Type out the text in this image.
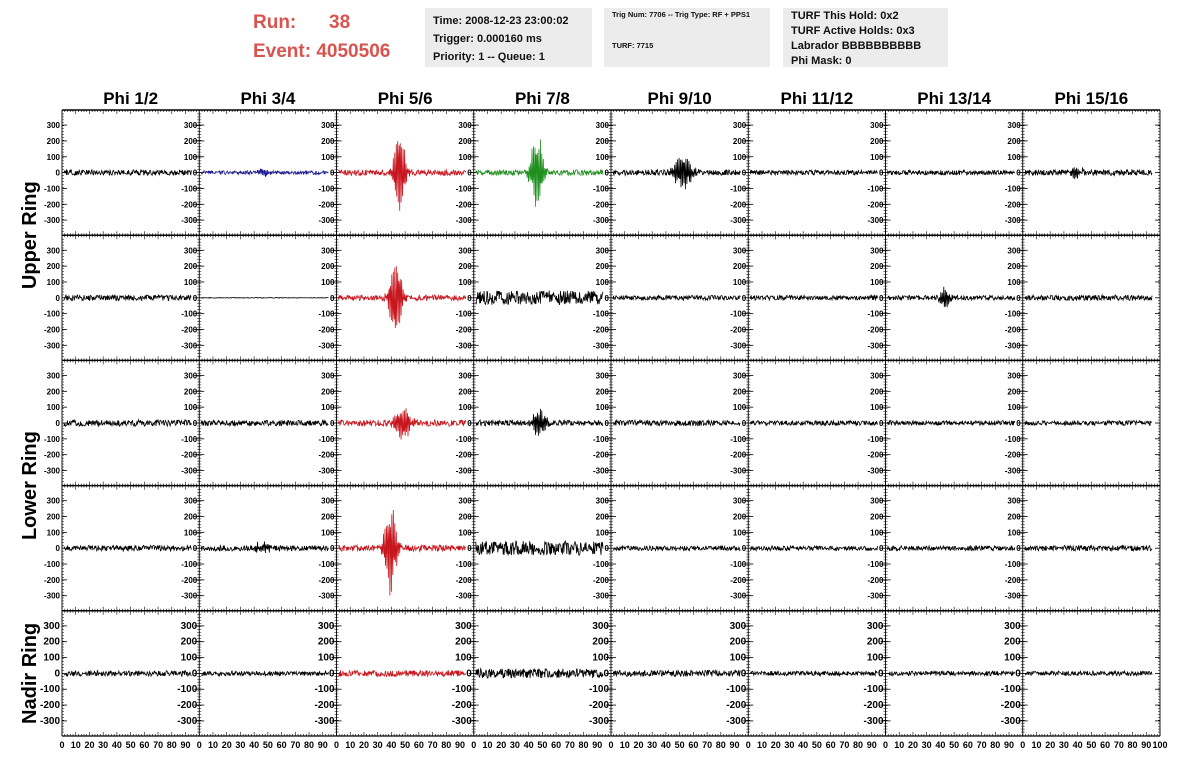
Run: 38
Event: 4050506
Time: 2008-12-23 23:00:02
Trigger: 0.000160 ms
Priority: 1 -- Queue: 1
Trig Num: 7706 -- Trig Type: RF + PPS1
TURF: 7715
TURF This Hold: 0x2
TURF Active Holds: 0x3
Labrador BBBBBBBBBB
Phi Mask: 0
Phi 1/2	Phi 3/4	Phi 5/6	Phi 7/8	Phi 9/10	Phi 11/12	Phi 13/14	Phi 15/16
Upper Ring
Lower Ring
Nadir Ring
300
200
100
0
-100
-200
-300
300
200
100
0
-100
-200
-300
300
200
100
0
-100
-200
-300
300
200
100
0
-100
-200
-300
300
200
100
0
-100
-200
-300
300
200
100
0
-100
-200
-300
300
200
100
0
-100
-200
-300
300
200
100
0
-100
-200
-300
300
200
100
0
-100
-200
-300
300
200
100
0
-100
-200
-300
300
200
100
0
-100
-200
-300
300
200
100
0
-100
-200
-300
300
200
100
0
-100
-200
-300
300
200
100
0
-100
-200
-300
300
200
100
0
-100
-200
-300
300
200
100
0
-100
-200
-300
300
200
100
0
-100
-200
-300
300
200
100
0
-100
-200
-300
300
200
100
0
-100
-200
-300
300
200
100
0
-100
-200
-300
300
200
100
0
-100
-200
-300
300
200
100
0
-100
-200
-300
300
200
100
0
-100
-200
-300
300
200
100
0
-100
-200
-300
300
200
100
0
-100
-200
-300
300
200
100
0
-100
-200
-300
300
200
100
0
-100
-200
-300
300
200
100
0
-100
-200
-300
300
200
100
0
-100
-200
-300
300
200
100
0
-100
-200
-300
300
200
100
0
-100
-200
-300
300
200
100
0
-100
-200
-300
300
200
100
0
-100
-200
-300
300
200
100
0
-100
-200
-300
300
200
100
0
-100
-200
-300
300
200
100
0
-100
-200
-300
300
200
100
0
-100
-200
-300
300
200
100
0
-100
-200
-300
300
200
100
0
-100
-200
-300
300
200
100
0
-100
-200
-300
0 10 20 30 40 50 60 70 80 90 0 10 20 30 40 50 60 70 80 90 0 10 20 30 40 50 60 70 80 90 0 10 20 30 40 50 60 70 80 90 0 10 20 30 40 50 60 70 80 90 0 10 20 30 40 50 60 70 80 90 0 10 20 30 40 50 60 70 80 90 0 10 20 30 40 50 60 70 80 90 100
